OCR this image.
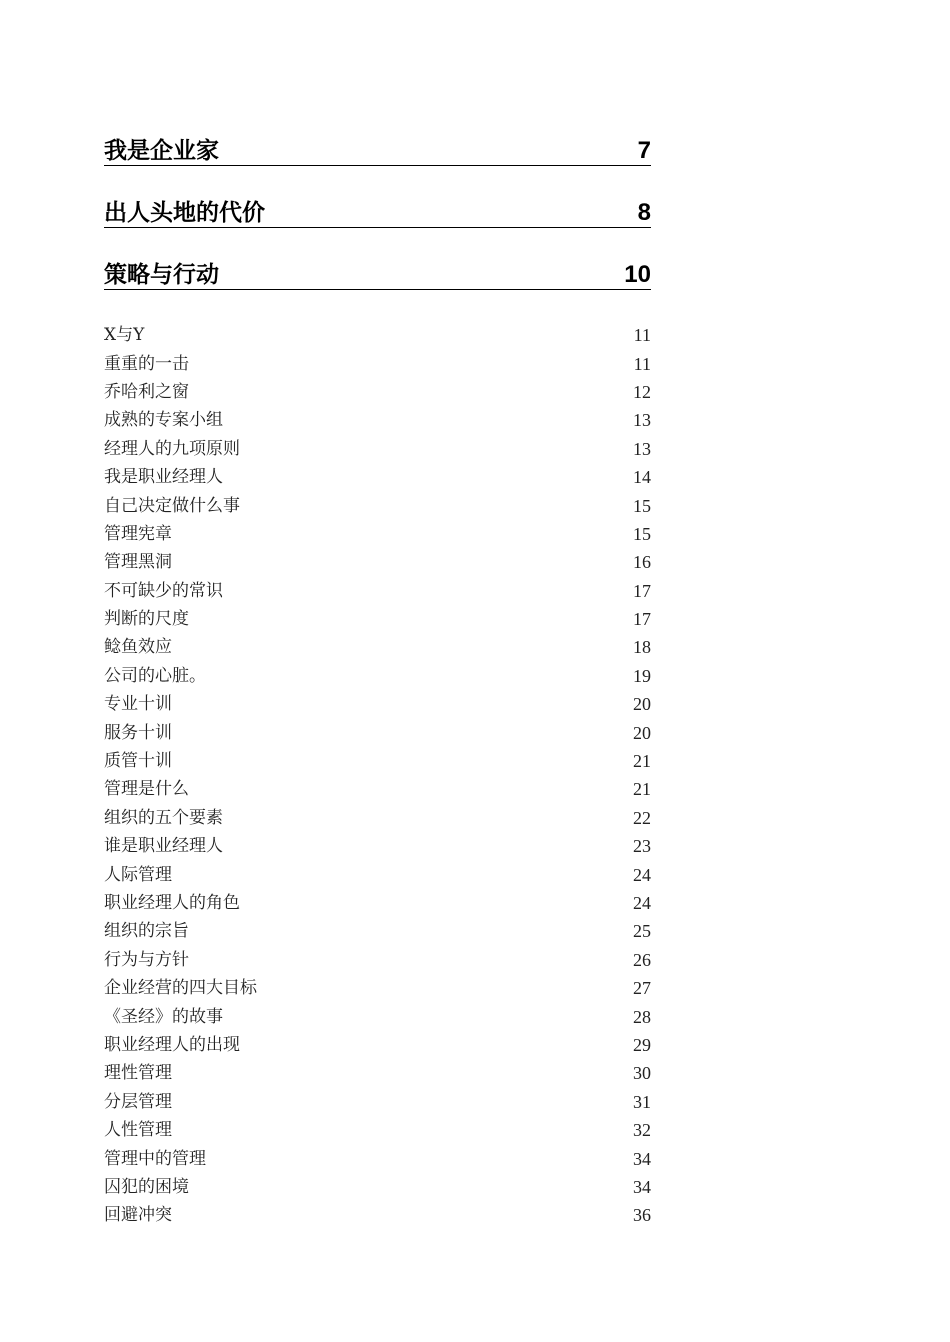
我是企业家	7
出人头地的代价	8
策略与行动	10
X与Y	11
重重的一击	11
乔哈利之窗	12
成熟的专案小组	13
经理人的九项原则	13
我是职业经理人	14
自己决定做什么事	15
管理宪章	15
管理黑洞	16
不可缺少的常识	17
判断的尺度	17
鲶鱼效应	18
公司的心脏。	19
专业十训	20
服务十训	20
质管十训	21
管理是什么	21
组织的五个要素	22
谁是职业经理人	23
人际管理	24
职业经理人的角色	24
组织的宗旨	25
行为与方针	26
企业经营的四大目标	27
《圣经》的故事	28
职业经理人的出现	29
理性管理	30
分层管理	31
人性管理	32
管理中的管理	34
囚犯的困境	34
回避冲突	36
